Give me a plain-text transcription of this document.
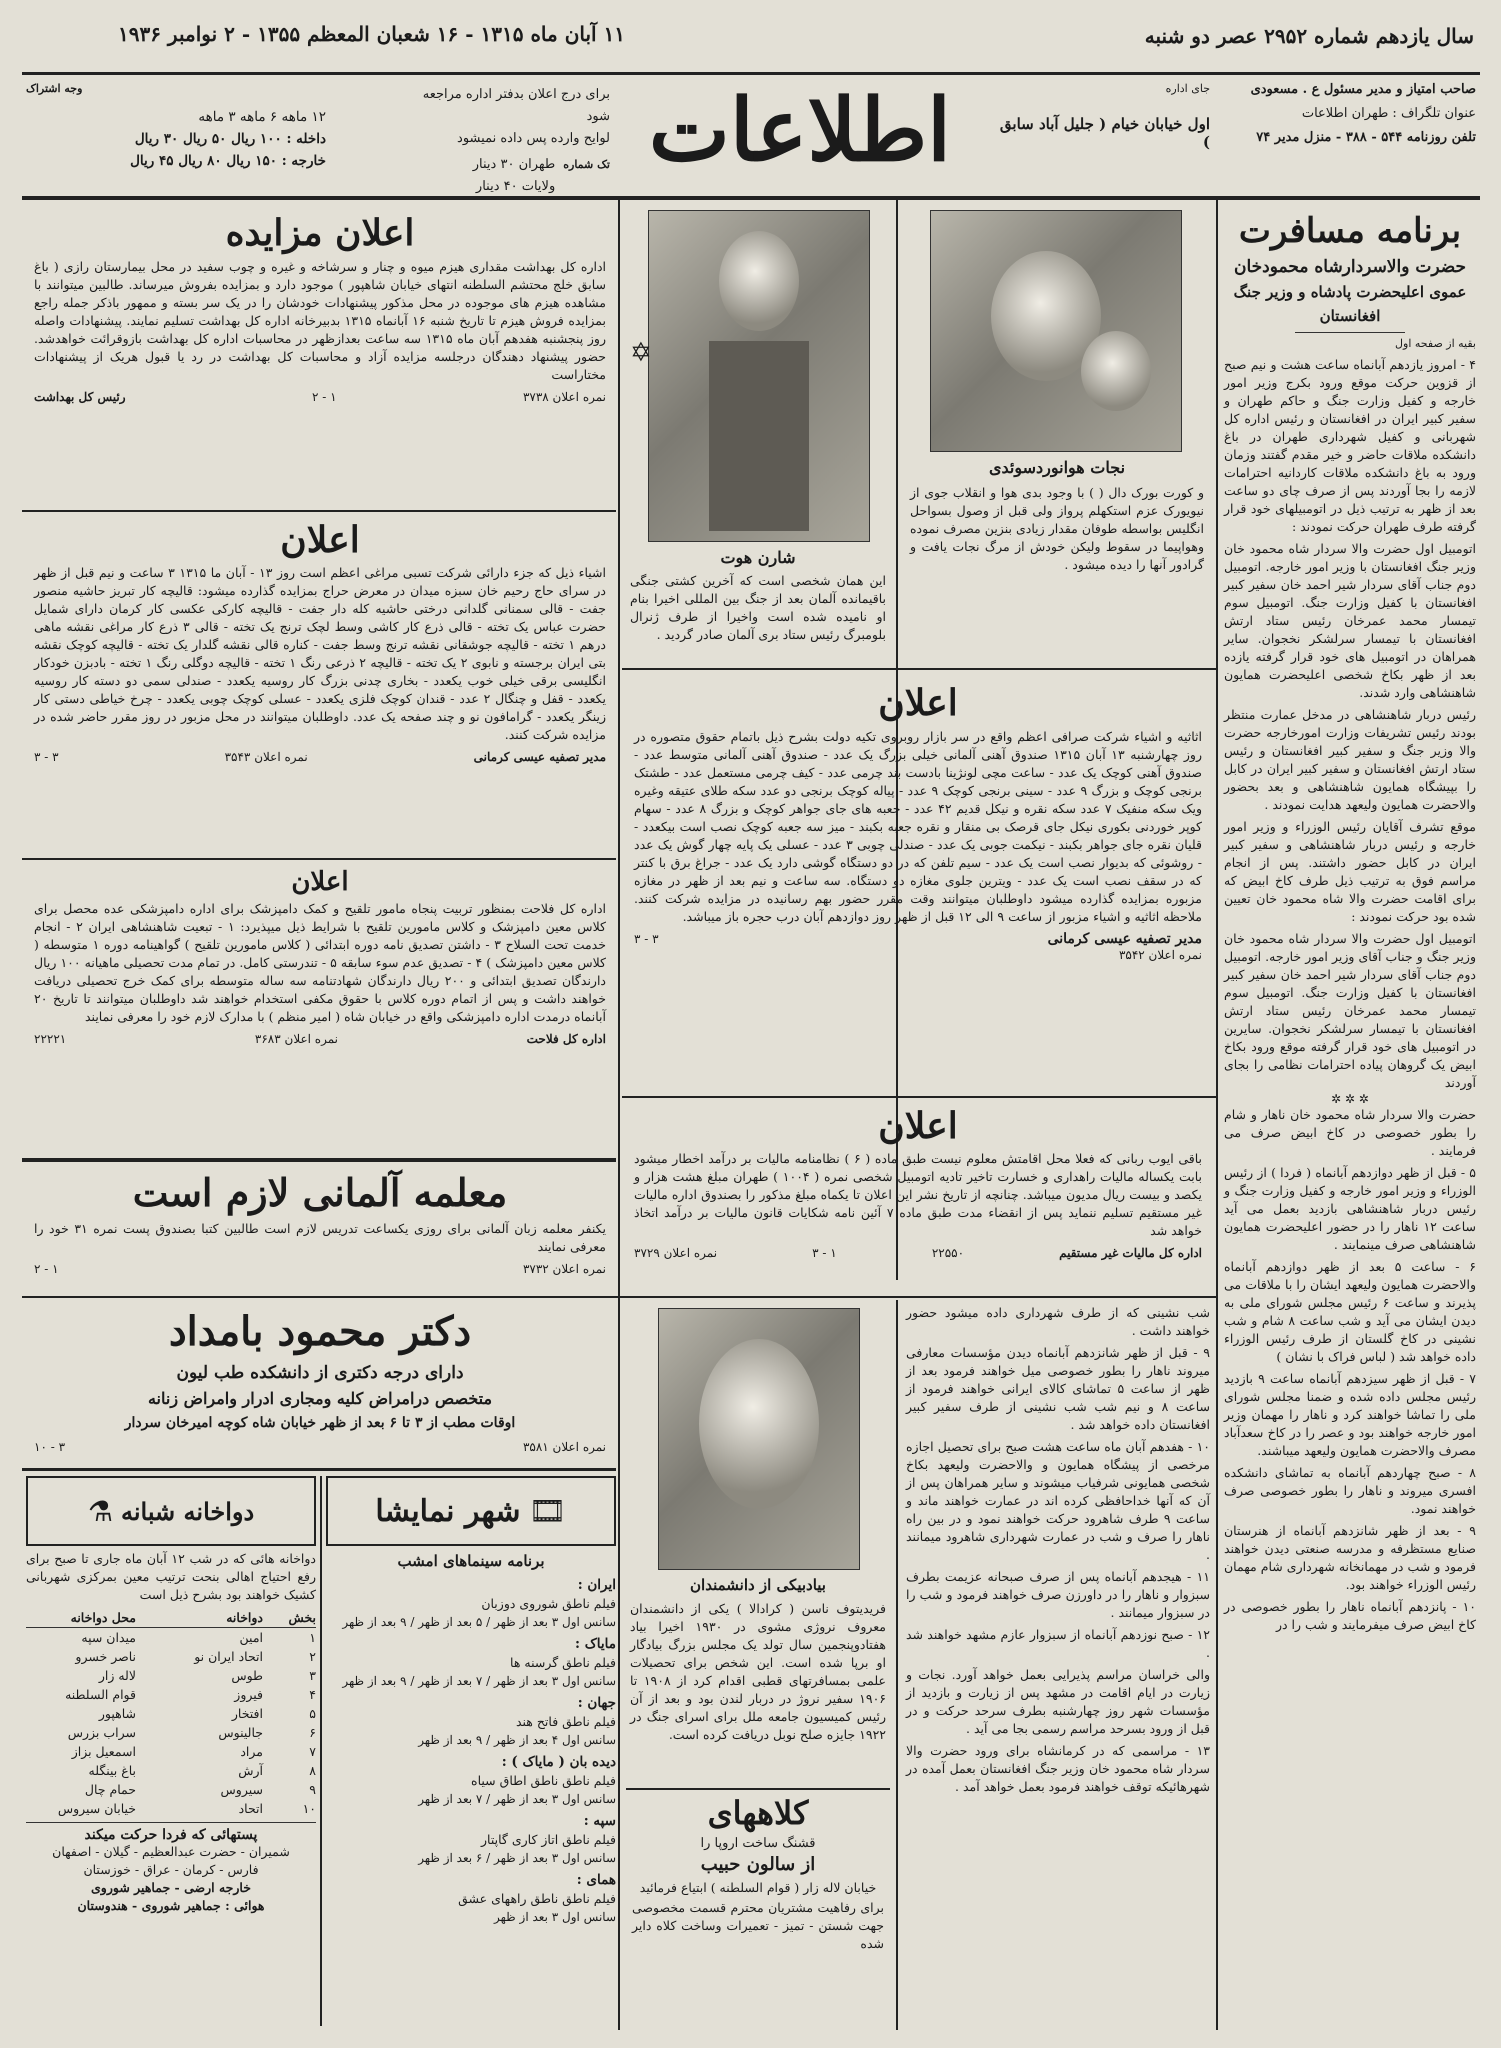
سال یازدهم شماره ۲۹۵۲ عصر دو شنبه
۱۱ آبان ماه ۱۳۱۵ - ۱۶ شعبان المعظم ۱۳۵۵ - ۲ نوامبر ۱۹۳۶
صاحب امتیاز و مدیر مسئول ع . مسعودی
عنوان تلگراف : طهران اطلاعات
تلفن روزنامه ۵۴۴ - ۳۸۸ - منزل مدیر ۷۴
جای اداره
اول خیابان خیام ( جلیل آباد سابق )
اطلاعات
برای درج اعلان بدفتر اداره مراجعه شود
لوایح وارده پس داده نمیشود
تک شماره
طهران ۳۰ دینار
ولایات ۴۰ دینار
وجه اشتراک
۱۲ ماهه ۶ ماهه ۳ ماهه
داخله : ۱۰۰ ریال ۵۰ ریال ۳۰ ریال
خارجه : ۱۵۰ ریال ۸۰ ریال ۴۵ ریال
برنامه مسافرت
حضرت والاسردارشاه محمودخان
عموی اعلیحضرت پادشاه و وزیر جنگ
افغانستان
بقیه از صفحه اول
۴ - امروز یازدهم آبانماه ساعت هشت و نیم صبح از قزوین حرکت موقع ورود بکرج وزیر امور خارجه و کفیل وزارت جنگ و حاکم طهران و سفیر کبیر ایران در افغانستان و رئیس اداره کل شهربانی و کفیل شهرداری طهران در باغ دانشکده ملاقات حاضر و خیر مقدم گفتند وزمان ورود به باغ دانشکده ملاقات کاردانیه احترامات لازمه را بجا آوردند پس از صرف چای دو ساعت بعد از ظهر به ترتیب ذیل در اتومبیلهای خود قرار گرفته طرف طهران حرکت نمودند :
اتومبیل اول حضرت والا سردار شاه محمود خان وزیر جنگ افغانستان با وزیر امور خارجه. اتومبیل دوم جناب آقای سردار شیر احمد خان سفیر کبیر افغانستان با کفیل وزارت جنگ. اتومبیل سوم تیمسار محمد عمرخان رئیس ستاد ارتش افغانستان با تیمسار سرلشکر نخجوان. سایر همراهان در اتومبیل های خود قرار گرفته یازده بعد از ظهر بکاخ شخصی اعلیحضرت همایون شاهنشاهی وارد شدند.
رئیس دربار شاهنشاهی در مدخل عمارت منتظر بودند رئیس تشریفات وزارت امورخارجه حضرت والا وزیر جنگ و سفیر کبیر افغانستان و رئیس ستاد ارتش افغانستان و سفیر کبیر ایران در کابل را بپیشگاه همایون شاهنشاهی و بعد بحضور والاحضرت همایون ولیعهد هدایت نمودند .
موقع تشرف آقایان رئیس الوزراء و وزیر امور خارجه و رئیس دربار شاهنشاهی و سفیر کبیر ایران در کابل حضور داشتند. پس از انجام مراسم فوق به ترتیب ذیل طرف کاخ ابیض که برای اقامت حضرت والا شاه محمود خان تعیین شده بود حرکت نمودند :
اتومبیل اول حضرت والا سردار شاه محمود خان وزیر جنگ و جناب آقای وزیر امور خارجه. اتومبیل دوم جناب آقای سردار شیر احمد خان سفیر کبیر افغانستان با کفیل وزارت جنگ. اتومبیل سوم تیمسار محمد عمرخان رئیس ستاد ارتش افغانستان با تیمسار سرلشکر نخجوان. سایرین در اتومبیل های خود قرار گرفته موقع ورود بکاخ ابیض یک گروهان پیاده احترامات نظامی را بجای آوردند
✲ ✲ ✲
حضرت والا سردار شاه محمود خان ناهار و شام را بطور خصوصی در کاخ ابیض صرف می فرمایند .
۵ - قبل از ظهر دوازدهم آبانماه ( فردا ) از رئیس الوزراء و وزیر امور خارجه و کفیل وزارت جنگ و رئیس دربار شاهنشاهی بازدید بعمل می آید ساعت ۱۲ ناهار را در حضور اعلیحضرت همایون شاهنشاهی صرف مینمایند .
۶ - ساعت ۵ بعد از ظهر دوازدهم آبانماه والاحضرت همایون ولیعهد ایشان را با ملاقات می پذیرند و ساعت ۶ رئیس مجلس شورای ملی به دیدن ایشان می آید و شب ساعت ۸ شام و شب نشینی در کاخ گلستان از طرف رئیس الوزراء داده خواهد شد ( لباس فراک با نشان )
۷ - قبل از ظهر سیزدهم آبانماه ساعت ۹ بازدید رئیس مجلس داده شده و ضمنا مجلس شورای ملی را تماشا خواهند کرد و ناهار را مهمان وزیر امور خارجه خواهند بود و عصر را در کاخ سعدآباد مصرف والاحضرت همایون ولیعهد میباشند.
۸ - صبح چهاردهم آبانماه به تماشای دانشکده افسری میروند و ناهار را بطور خصوصی صرف خواهند نمود.
۹ - بعد از ظهر شانزدهم آبانماه از هنرستان صنایع مستظرفه و مدرسه صنعتی دیدن خواهند فرمود و شب در مهمانخانه شهرداری شام مهمان رئیس الوزراء خواهند بود.
۱۰ - پانزدهم آبانماه ناهار را بطور خصوصی در کاخ ابیض صرف میفرمایند و شب را در
نجات هوانوردسوئدی
و کورت بورک دال ( ) با وجود بدی هوا و انقلاب جوی از نیویورک عزم استکهلم پرواز ولی قبل از وصول بسواحل انگلیس بواسطه طوفان مقدار زیادی بنزین مصرف نموده وهواپیما در سقوط ولیکن خودش از مرگ نجات یافت و گرادور آنها را دیده میشود .
✡
شارن هوت
این همان شخصی است که آخرین کشتی جنگی باقیمانده آلمان بعد از جنگ بین المللی اخیرا بنام او نامیده شده است واخیرا از طرف ژنرال بلومبرگ رئیس ستاد بری آلمان صادر گردید .
اعلان
اثاثیه و اشیاء شرکت صرافی اعظم واقع در سر بازار روبروی تکیه دولت بشرح ذیل باتمام حقوق متصوره در روز چهارشنبه ۱۳ آبان ۱۳۱۵ صندوق آهنی آلمانی خیلی بزرگ یک عدد - صندوق آهنی آلمانی متوسط عدد - صندوق آهنی کوچک یک عدد - ساعت مچی لونژینا بادست بند چرمی عدد - کیف چرمی مستعمل عدد - طشتک برنجی کوچک و بزرگ ۹ عدد - سینی برنجی کوچک ۹ عدد - پیاله کوچک برنجی دو عدد سکه طلای عتیقه وغیره ویک سکه منفیک ۷ عدد سکه نقره و نیکل قدیم ۴۲ عدد - جعبه های جای جواهر کوچک و بزرگ ۸ عدد - سهام کوپر خوردنی بکوری نیکل جای قرصک بی منقار و نقره جعبه بکبند - میز سه جعبه کوچک نصب است بیکعدد - قلیان نقره جای جواهر بکبند - نیکمت جوبی یک عدد - صندلی چوبی ۳ عدد - عسلی یک پایه چهار گوش یک عدد - روشوئی که بدیوار نصب است یک عدد - سیم تلفن که در دو دستگاه گوشی دارد یک عدد - جراغ برق با کنتر که در سقف نصب است یک عدد - ویترین جلوی مغازه دو دستگاه. سه ساعت و نیم بعد از ظهر در مغازه مزبوره بمزایده گذارده میشود داوطلبان میتوانند وقت مقرر حضور بهم رسانیده در مزایده شرکت کنند. ملاحظه اثاثیه و اشیاء مزبور از ساعت ۹ الی ۱۲ قبل از ظهر روز دوازدهم آبان درب حجره باز میباشد.
مدیر تصفیه عیسی کرمانی
۳ - ۳
نمره اعلان ۳۵۴۲
اعلان
باقی ایوب ربانی که فعلا محل اقامتش معلوم نیست طبق ماده ( ۶ ) نظامنامه مالیات بر درآمد اخطار میشود بابت یکساله مالیات راهداری و خسارت تاخیر تادیه اتومبیل شخصی نمره ( ۱۰۰۴ ) طهران مبلغ هشت هزار و یکصد و بیست ریال مدیون میباشد. چنانچه از تاریخ نشر این اعلان تا یکماه مبلغ مذکور را بصندوق اداره مالیات غیر مستقیم تسلیم ننماید پس از انقضاء مدت طبق ماده ۷ آئین نامه شکایات قانون مالیات بر درآمد اتخاذ خواهد شد
اداره کل مالیات غیر مستقیم
۲۲۵۵۰
۱ - ۳
نمره اعلان ۳۷۲۹
شب نشینی که از طرف شهرداری داده میشود حضور خواهند داشت .
۹ - قبل از ظهر شانزدهم آبانماه دیدن مؤسسات معارفی میروند ناهار را بطور خصوصی میل خواهند فرمود بعد از ظهر از ساعت ۵ تماشای کالای ایرانی خواهند فرمود از ساعت ۸ و نیم شب شب نشینی از طرف سفیر کبیر افغانستان داده خواهد شد .
۱۰ - هفدهم آبان ماه ساعت هشت صبح برای تحصیل اجازه مرخصی از پیشگاه همایون و والاحضرت ولیعهد بکاخ شخصی همایونی شرفیاب میشوند و سایر همراهان پس از آن که آنها خداحافظی کرده اند در عمارت خواهند ماند و ساعت ۹ طرف شاهرود حرکت خواهند نمود و در بین راه ناهار را صرف و شب در عمارت شهرداری شاهرود میمانند .
۱۱ - هیجدهم آبانماه پس از صرف صبحانه عزیمت بطرف سبزوار و ناهار را در داورزن صرف خواهند فرمود و شب را در سبزوار میمانند .
۱۲ - صبح نوزدهم آبانماه از سبزوار عازم مشهد خواهند شد .
والی خراسان مراسم پذیرایی بعمل خواهد آورد. نجات و زیارت در ایام اقامت در مشهد پس از زیارت و بازدید از مؤسسات شهر روز چهارشنبه بطرف سرحد حرکت و در قبل از ورود بسرحد مراسم رسمی بجا می آید .
۱۳ - مراسمی که در کرمانشاه برای ورود حضرت والا سردار شاه محمود خان وزیر جنگ افغانستان بعمل آمده در شهرهائیکه توقف خواهند فرمود بعمل خواهد آمد .
بیادبیکی از دانشمندان
فریدیتوف ناسن ( کرادالا ) یکی از دانشمندان معروف نروژی مشوی در ۱۹۳۰ اخیرا بیاد هفتادوپنجمین سال تولد یک مجلس بزرگ بیادگار او برپا شده است. این شخص برای تحصیلات علمی بمسافرتهای قطبی اقدام کرد از ۱۹۰۸ تا ۱۹۰۶ سفیر نروژ در دربار لندن بود و بعد از آن رئیس کمیسیون جامعه ملل برای اسرای جنگ در ۱۹۲۲ جایزه صلح نوبل دریافت کرده است.
کلاههای
قشنگ ساخت اروپا را
از سالون حبیب
خیابان لاله زار ( قوام السلطنه ) ابتیاع فرمائید
برای رفاهیت مشتریان محترم قسمت مخصوصی جهت شستن - تمیز - تعمیرات وساخت کلاه دایر شده
اعلان مزایده
اداره کل بهداشت مقداری هیزم میوه و چنار و سرشاخه و غیره و چوب سفید در محل بیمارستان رازی ( باغ سابق خلج محتشم السلطنه انتهای خیابان شاهپور ) موجود دارد و بمزایده بفروش میرساند. طالبین میتوانند با مشاهده هیزم های موجوده در محل مذکور پیشنهادات خودشان را در یک سر بسته و ممهور باذکر جمله راجع بمزایده فروش هیزم تا تاریخ شنبه ۱۶ آبانماه ۱۳۱۵ بدبیرخانه اداره کل بهداشت تسلیم نمایند. پیشنهادات واصله روز پنجشنبه هفدهم آبان ماه ۱۳۱۵ سه ساعت بعدازظهر در محاسبات اداره کل بهداشت بازوقرائت خواهدشد. حضور پیشنهاد دهندگان درجلسه مزایده آزاد و محاسبات کل بهداشت در رد یا قبول هریک از پیشنهادات مختاراست
نمره اعلان ۳۷۳۸
۱ - ۲
رئیس کل بهداشت
اعلان
اشیاء ذیل که جزء دارائی شرکت تسبی مراغی اعظم است روز ۱۳ - آبان ما ۱۳۱۵ ۳ ساعت و نیم قبل از ظهر در سرای حاج رحیم خان سبزه میدان در معرض حراج بمزایده گذارده میشود: قالیچه کار تبریز حاشیه منصور جفت - قالی سمنانی گلدانی درختی حاشیه کله دار جفت - قالیچه کارکی عکسی کار کرمان دارای شمایل حضرت عباس یک تخته - قالی ذرع کار کاشی وسط لچک ترنج یک تخته - قالی ۳ ذرع کار مراغی نقشه ماهی درهم ۱ تخته - قالیچه جوشقانی نقشه ترنج وسط جفت - کناره قالی نقشه گلدار یک تخته - قالیچه کوچک نقشه بتی ایران برجسته و نابوی ۲ یک تخته - قالیچه ۲ ذرعی رنگ ۱ تخته - قالیچه دوگلی رنگ ۱ تخته - بادبزن خودکار انگلیسی برقی خیلی خوب یکعدد - بخاری چدنی بزرگ کار روسیه یکعدد - صندلی سمی دو دسته کار روسیه یکعدد - قفل و چنگال ۲ عدد - قندان کوچک فلزی یکعدد - عسلی کوچک چوبی یکعدد - چرخ خیاطی دستی کار زینگر یکعدد - گرامافون نو و چند صفحه یک عدد. داوطلبان میتوانند در محل مزبور در روز مقرر حاضر شده در مزایده شرکت کنند.
مدیر تصفیه عیسی کرمانی
نمره اعلان ۳۵۴۳
۳ - ۳
اعلان
اداره کل فلاحت بمنظور تربیت پنجاه مامور تلقیح و کمک دامپزشک برای اداره دامپزشکی عده محصل برای کلاس معین دامپزشک و کلاس مامورین تلقیح با شرایط ذیل میپذیرد: ۱ - تبعیت شاهنشاهی ایران ۲ - انجام خدمت تحت السلاح ۳ - داشتن تصدیق نامه دوره ابتدائی ( کلاس مامورین تلقیح ) گواهینامه دوره ۱ متوسطه ( کلاس معین دامپزشک ) ۴ - تصدیق عدم سوء سابقه ۵ - تندرستی کامل. در تمام مدت تحصیلی ماهیانه ۱۰۰ ریال دارندگان تصدیق ابتدائی و ۲۰۰ ریال دارندگان شهادتنامه سه ساله متوسطه برای کمک خرج تحصیلی دریافت خواهند داشت و پس از اتمام دوره کلاس با حقوق مکفی استخدام خواهند شد داوطلبان میتوانند تا تاریخ ۲۰ آبانماه درمدت اداره دامپزشکی واقع در خیابان شاه ( امیر منظم ) با مدارک لازم خود را معرفی نمایند
اداره کل فلاحت
نمره اعلان ۳۶۸۳
۲۲۲۲۱
معلمه آلمانی لازم است
یکنفر معلمه زبان آلمانی برای روزی یکساعت تدریس لازم است طالبین کتبا بصندوق پست نمره ۳۱ خود را معرفی نمایند
نمره اعلان ۳۷۳۲
۱ - ۲
دکتر محمود بامداد
دارای درجه دکتری از دانشکده طب لیون
متخصص درامراض کلیه ومجاری ادرار وامراض زنانه
اوقات مطب از ۳ تا ۶ بعد از ظهر خیابان شاه کوچه امیرخان سردار
نمره اعلان ۳۵۸۱
۳ - ۱۰
🎞
شهر نمایشا
برنامه سینماهای امشب
ایران :
فیلم ناطق شوروی دوزبان
سانس اول ۳ بعد از ظهر / ۵ بعد از ظهر / ۹ بعد از ظهر
مایاک :
فیلم ناطق گرسنه ها
سانس اول ۳ بعد از ظهر / ۷ بعد از ظهر / ۹ بعد از ظهر
جهان :
فیلم ناطق فاتح هند
سانس اول ۴ بعد از ظهر / ۹ بعد از ظهر
دیده بان ( مایاک ) :
فیلم ناطق ناطق اطاق سیاه
سانس اول ۳ بعد از ظهر / ۷ بعد از ظهر
سپه :
فیلم ناطق اتاز کاری گاپتار
سانس اول ۳ بعد از ظهر / ۶ بعد از ظهر
همای :
فیلم ناطق ناطق راههای عشق
سانس اول ۳ بعد از ظهر
دواخانه شبانه
⚗
دواخانه هائی که در شب ۱۲ آبان ماه جاری تا صبح برای رفع احتیاج اهالی بنحت ترتیب معین بمرکزی شهربانی کشیک خواهند بود بشرح ذیل است
بخش
دواخانه
محل دواخانه
۱
امین
میدان سپه
۲
اتحاد ایران نو
ناصر خسرو
۳
طوس
لاله زار
۴
فیروز
قوام السلطنه
۵
افتخار
شاهپور
۶
جالینوس
سراب بزرس
۷
مراد
اسمعیل بزاز
۸
آرش
باغ بینگله
۹
سیروس
حمام چال
۱۰
اتحاد
خیابان سیروس
پستهائی که فردا حرکت میکند
شمیران - حضرت عبدالعظیم - گیلان - اصفهان
فارس - کرمان - عراق - خوزستان
خارجه ارضی - جماهیر شوروی
هوائی : جماهیر شوروی - هندوستان
